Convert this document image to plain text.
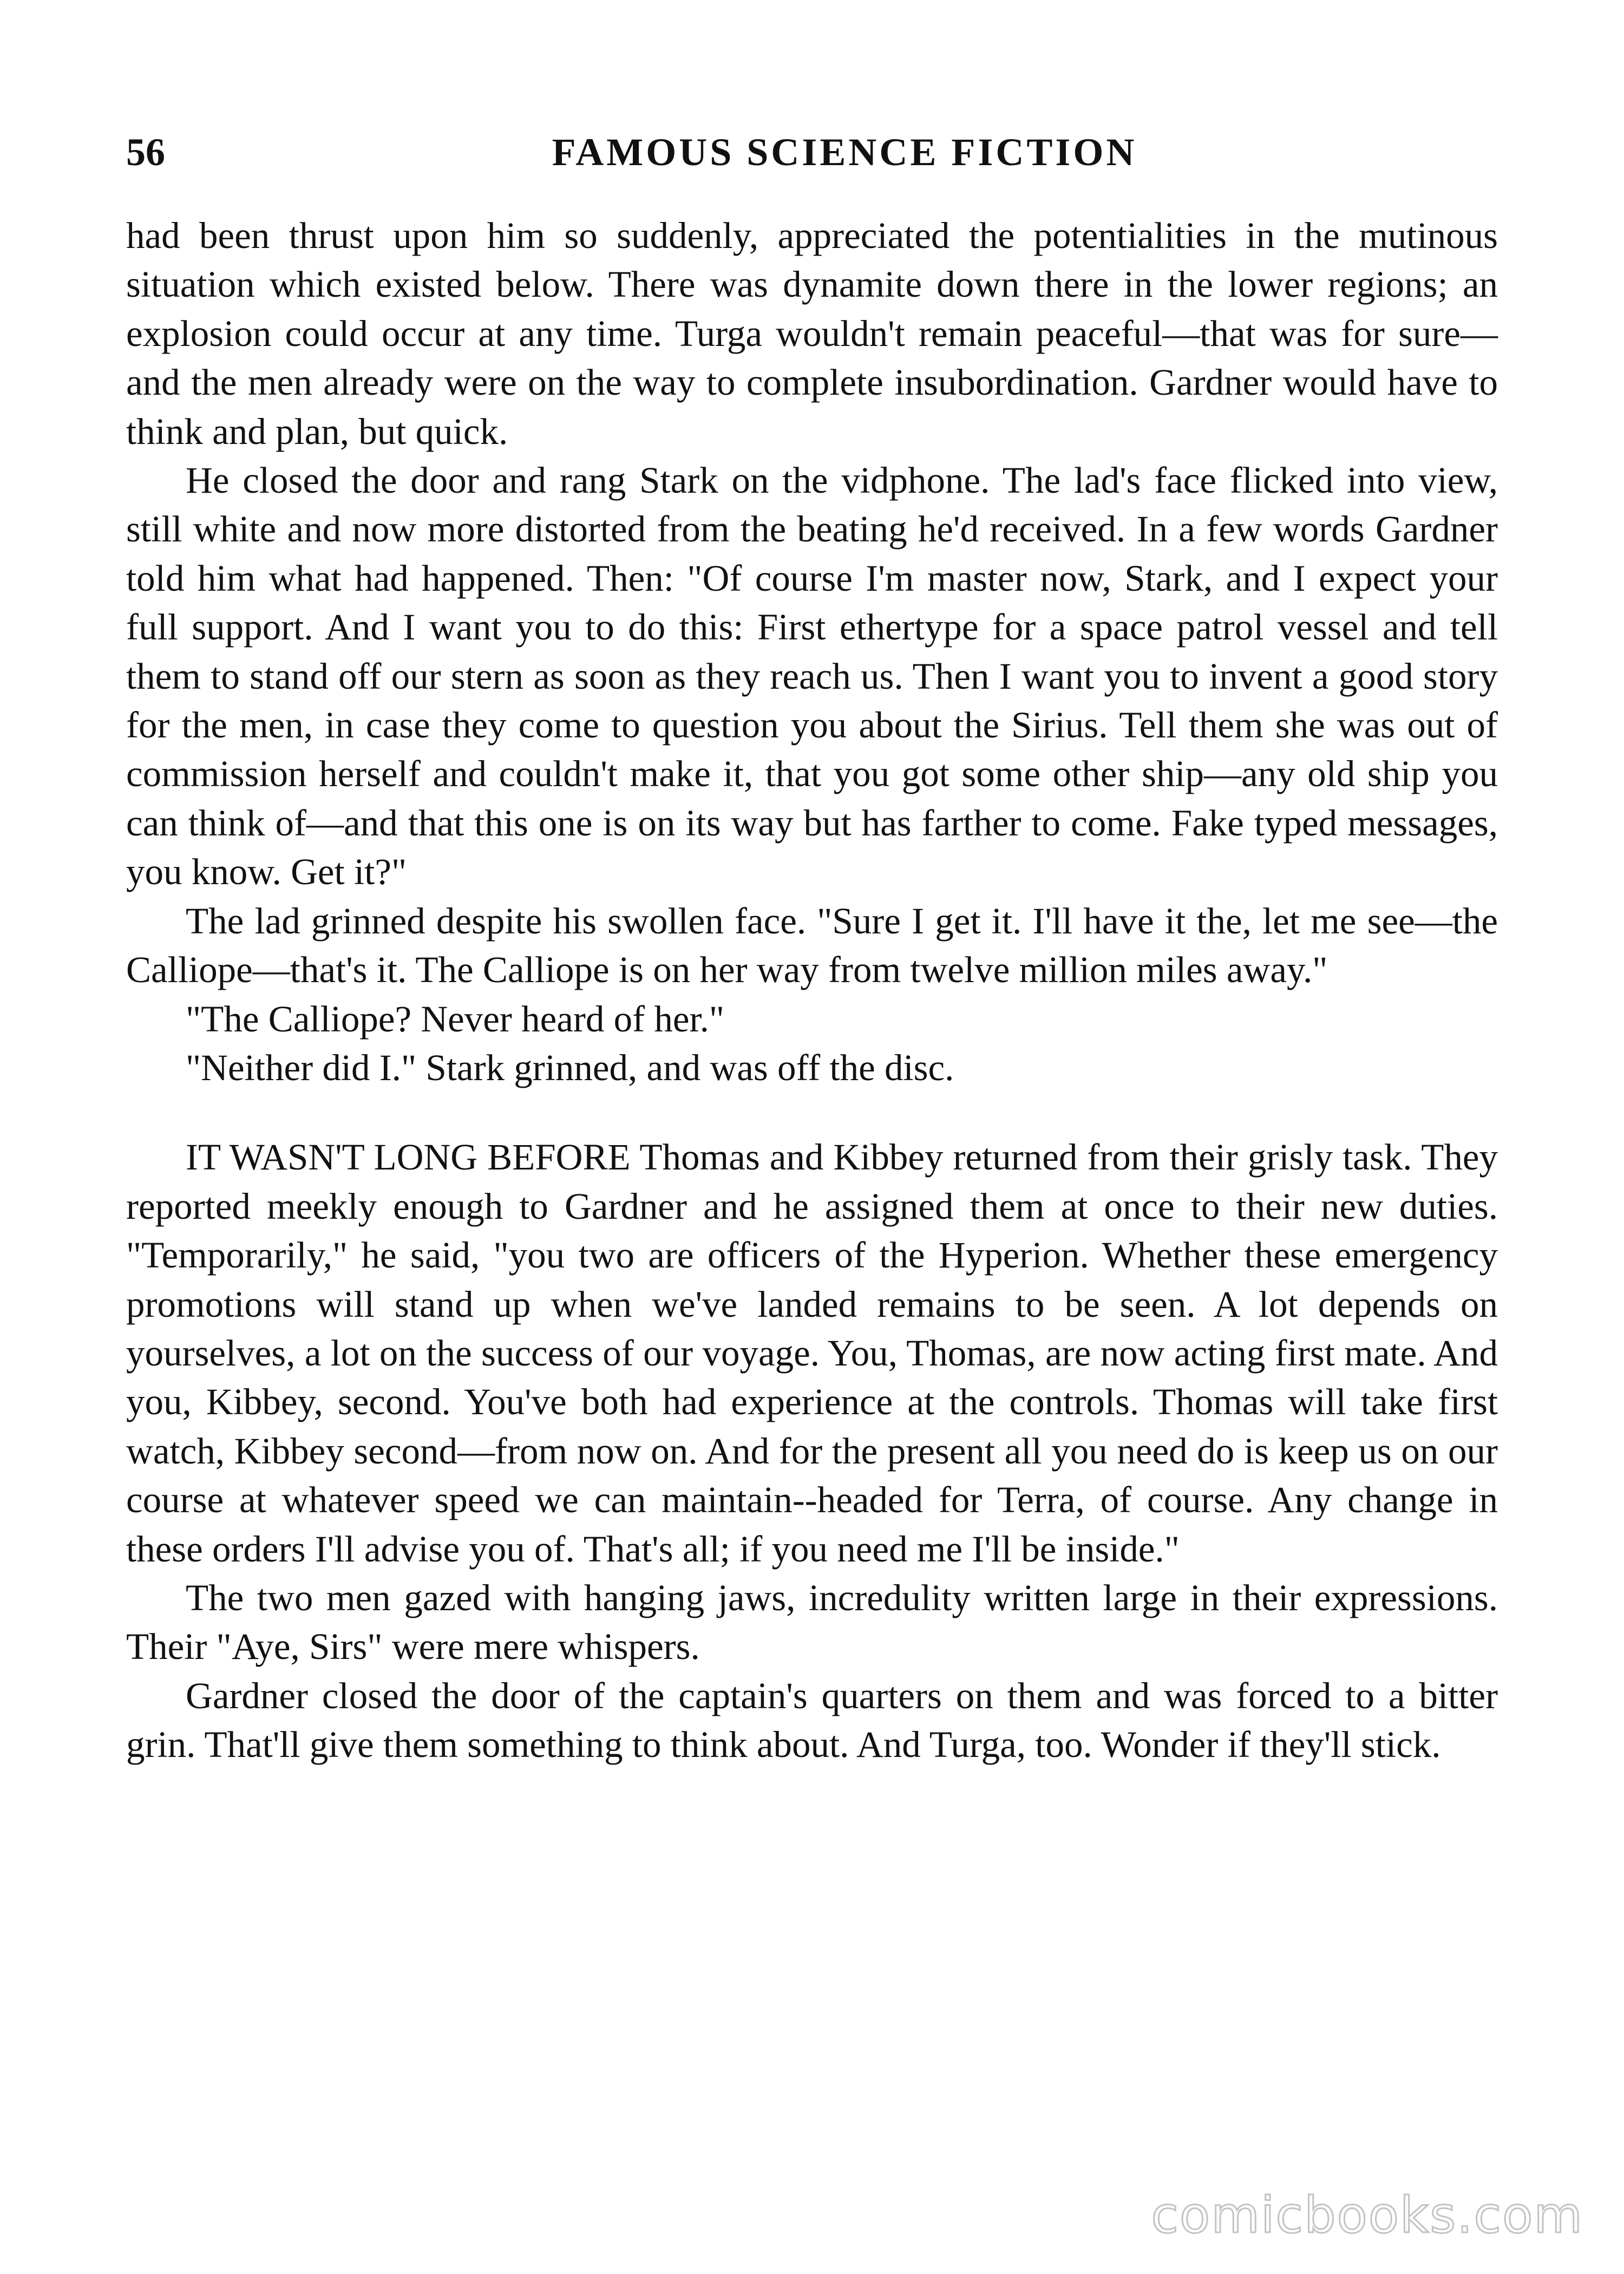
56	FAMOUS SCIENCE FICTION

had been thrust upon him so suddenly, appreciated the potentialities in the mutinous situation which existed below. There was dynamite down there in the lower regions; an explosion could occur at any time. Turga wouldn't remain peaceful—that was for sure—and the men already were on the way to complete insubordination. Gardner would have to think and plan, but quick.

He closed the door and rang Stark on the vidphone. The lad's face flicked into view, still white and now more distorted from the beating he'd received. In a few words Gardner told him what had happened. Then: "Of course I'm master now, Stark, and I expect your full support. And I want you to do this: First ethertype for a space patrol vessel and tell them to stand off our stern as soon as they reach us. Then I want you to invent a good story for the men, in case they come to question you about the Sirius. Tell them she was out of commission herself and couldn't make it, that you got some other ship—any old ship you can think of—and that this one is on its way but has farther to come. Fake typed messages, you know. Get it?"

The lad grinned despite his swollen face. "Sure I get it. I'll have it the, let me see—the Calliope—that's it. The Calliope is on her way from twelve million miles away."

"The Calliope? Never heard of her."

"Neither did I." Stark grinned, and was off the disc.

IT WASN'T LONG BEFORE Thomas and Kibbey returned from their grisly task. They reported meekly enough to Gardner and he assigned them at once to their new duties. "Temporarily," he said, "you two are officers of the Hyperion. Whether these emergency promotions will stand up when we've landed remains to be seen. A lot depends on yourselves, a lot on the success of our voyage. You, Thomas, are now acting first mate. And you, Kibbey, second. You've both had experience at the controls. Thomas will take first watch, Kibbey second—from now on. And for the present all you need do is keep us on our course at whatever speed we can maintain--headed for Terra, of course. Any change in these orders I'll advise you of. That's all; if you need me I'll be inside."

The two men gazed with hanging jaws, incredulity written large in their expressions. Their "Aye, Sirs" were mere whispers.

Gardner closed the door of the captain's quarters on them and was forced to a bitter grin. That'll give them something to think about. And Turga, too. Wonder if they'll stick.

comicbooks.com
